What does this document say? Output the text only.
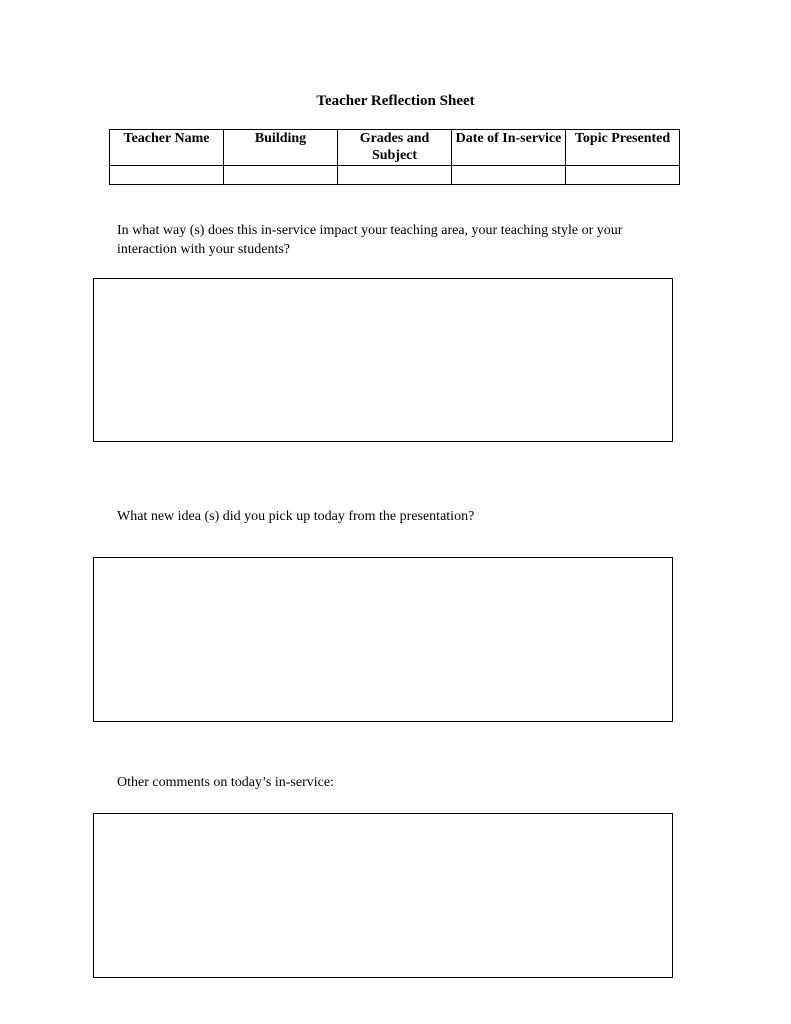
Teacher Reflection Sheet
Teacher Name	Building	Grades and Subject	Date of In-service	Topic Presented

In what way (s) does this in-service impact your teaching area, your teaching style or your interaction with your students?
What new idea (s) did you pick up today from the presentation?
Other comments on today’s in-service:
